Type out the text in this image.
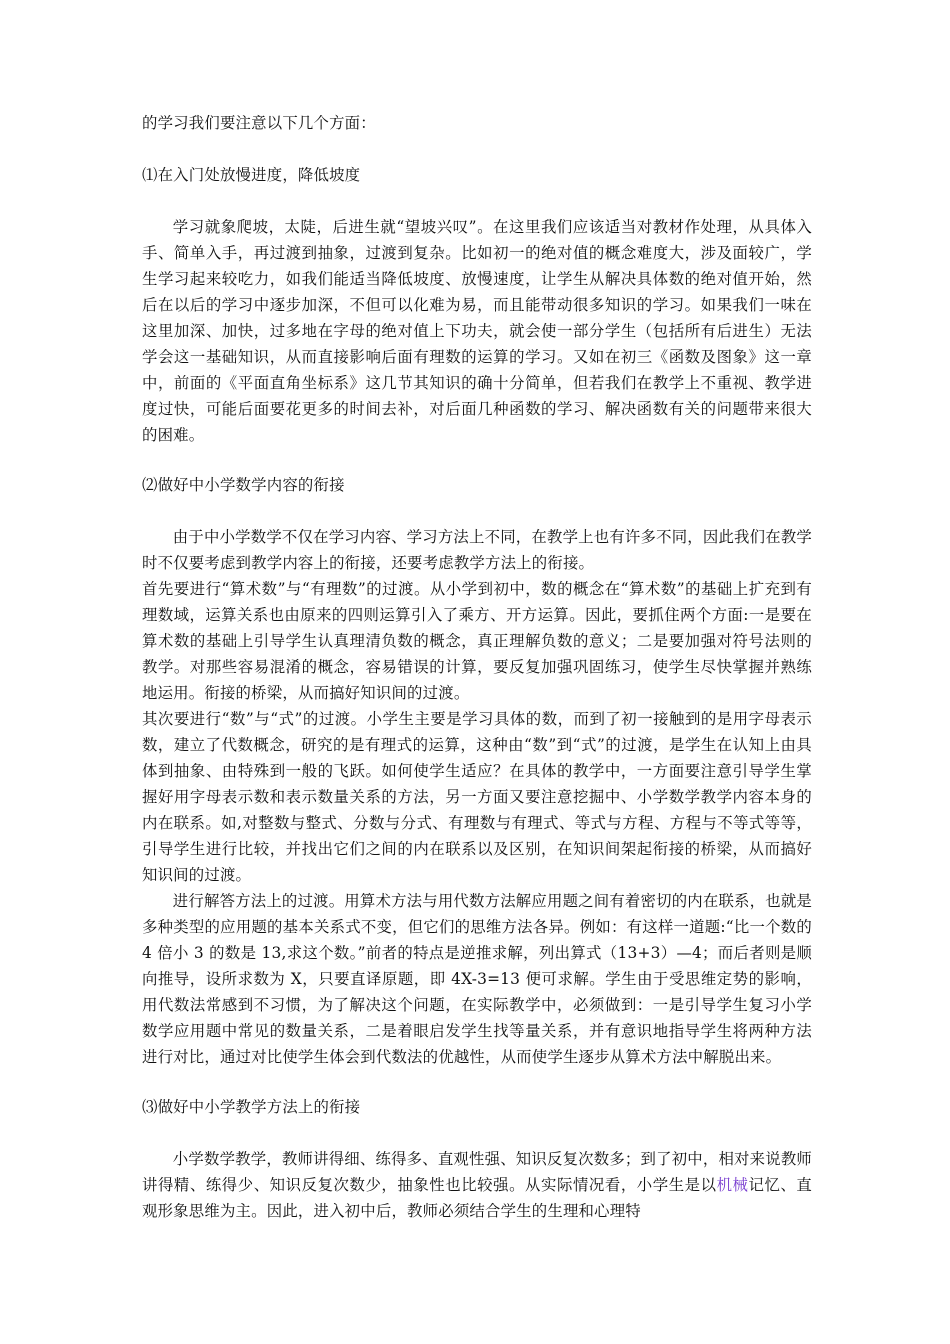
的学习我们要注意以下几个方面：

⑴在入门处放慢进度，降低坡度

学习就象爬坡，太陡，后进生就“望坡兴叹”。在这里我们应该适当对教材作处理，从具体入手、简单入手，再过渡到抽象，过渡到复杂。比如初一的绝对值的概念难度大，涉及面较广，学生学习起来较吃力，如我们能适当降低坡度、放慢速度，让学生从解决具体数的绝对值开始，然后在以后的学习中逐步加深，不但可以化难为易，而且能带动很多知识的学习。如果我们一味在这里加深、加快，过多地在字母的绝对值上下功夫，就会使一部分学生（包括所有后进生）无法学会这一基础知识，从而直接影响后面有理数的运算的学习。又如在初三《函数及图象》这一章中，前面的《平面直角坐标系》这几节其知识的确十分简单，但若我们在教学上不重视、教学进度过快，可能后面要花更多的时间去补，对后面几种函数的学习、解决函数有关的问题带来很大的困难。

⑵做好中小学数学内容的衔接

由于中小学数学不仅在学习内容、学习方法上不同，在教学上也有许多不同，因此我们在教学时不仅要考虑到教学内容上的衔接，还要考虑教学方法上的衔接。

首先要进行“算术数”与“有理数”的过渡。从小学到初中，数的概念在“算术数”的基础上扩充到有理数域，运算关系也由原来的四则运算引入了乘方、开方运算。因此，要抓住两个方面:一是要在算术数的基础上引导学生认真理清负数的概念，真正理解负数的意义；二是要加强对符号法则的教学。对那些容易混淆的概念，容易错误的计算，要反复加强巩固练习，使学生尽快掌握并熟练地运用。衔接的桥梁，从而搞好知识间的过渡。

其次要进行“数”与“式”的过渡。小学生主要是学习具体的数，而到了初一接触到的是用字母表示数，建立了代数概念，研究的是有理式的运算，这种由“数”到“式”的过渡，是学生在认知上由具体到抽象、由特殊到一般的飞跃。如何使学生适应？在具体的教学中，一方面要注意引导学生掌握好用字母表示数和表示数量关系的方法，另一方面又要注意挖掘中、小学数学教学内容本身的内在联系。如,对整数与整式、分数与分式、有理数与有理式、等式与方程、方程与不等式等等，引导学生进行比较，并找出它们之间的内在联系以及区别，在知识间架起衔接的桥梁，从而搞好知识间的过渡。

进行解答方法上的过渡。用算术方法与用代数方法解应用题之间有着密切的内在联系，也就是多种类型的应用题的基本关系式不变，但它们的思维方法各异。例如：有这样一道题:“比一个数的 4 倍小 3 的数是 13,求这个数。”前者的特点是逆推求解，列出算式（13+3）—4；而后者则是顺向推导，设所求数为 X，只要直译原题，即 4X-3=13 便可求解。学生由于受思维定势的影响，用代数法常感到不习惯，为了解决这个问题，在实际教学中，必须做到：一是引导学生复习小学数学应用题中常见的数量关系，二是着眼启发学生找等量关系，并有意识地指导学生将两种方法进行对比，通过对比使学生体会到代数法的优越性，从而使学生逐步从算术方法中解脱出来。

⑶做好中小学教学方法上的衔接

小学数学教学，教师讲得细、练得多、直观性强、知识反复次数多；到了初中，相对来说教师讲得精、练得少、知识反复次数少，抽象性也比较强。从实际情况看，小学生是以机械记忆、直观形象思维为主。因此，进入初中后，教师必须结合学生的生理和心理特
